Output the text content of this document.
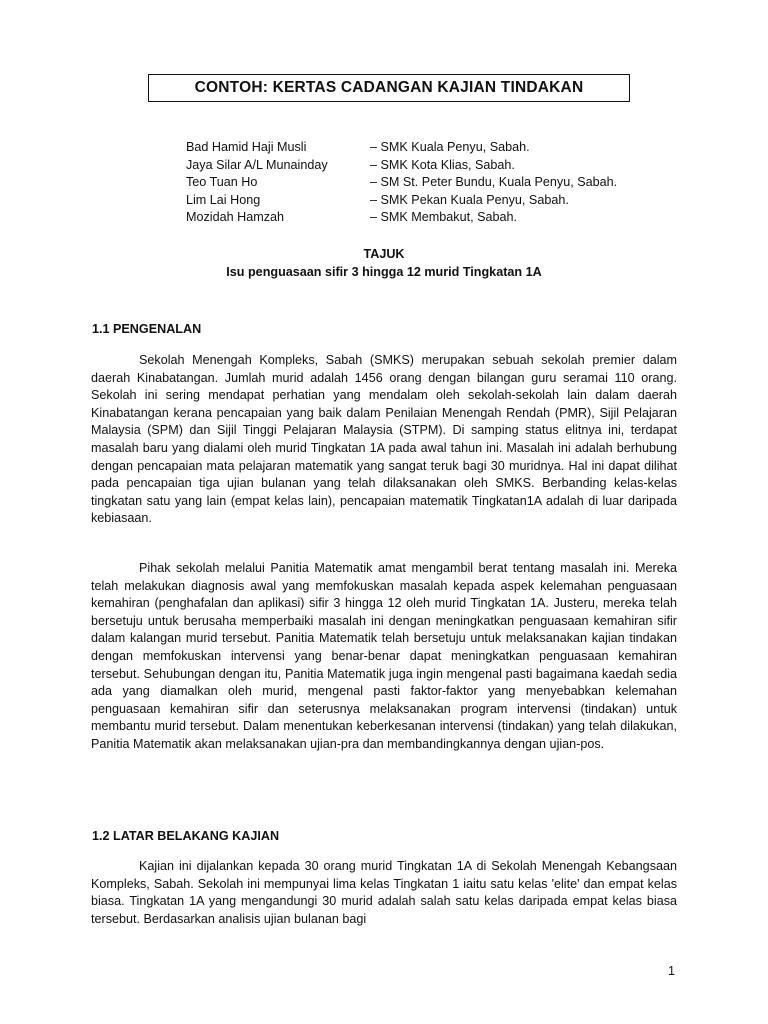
CONTOH: KERTAS CADANGAN KAJIAN TINDAKAN
Bad Hamid Haji Musli	– SMK Kuala Penyu, Sabah.
Jaya Silar A/L Munainday	– SMK Kota Klias, Sabah.
Teo Tuan Ho	– SM St. Peter Bundu, Kuala Penyu, Sabah.
Lim Lai Hong	– SMK Pekan Kuala Penyu, Sabah.
Mozidah Hamzah	– SMK Membakut, Sabah.
TAJUK
Isu penguasaan sifir 3 hingga 12 murid Tingkatan 1A
1.1 PENGENALAN

Sekolah Menengah Kompleks, Sabah (SMKS) merupakan sebuah sekolah premier dalam daerah Kinabatangan. Jumlah murid adalah 1456 orang dengan bilangan guru seramai 110 orang. Sekolah ini sering mendapat perhatian yang mendalam oleh sekolah-sekolah lain dalam daerah Kinabatangan kerana pencapaian yang baik dalam Penilaian Menengah Rendah (PMR), Sijil Pelajaran Malaysia (SPM) dan Sijil Tinggi Pelajaran Malaysia (STPM). Di samping status elitnya ini, terdapat masalah baru yang dialami oleh murid Tingkatan 1A pada awal tahun ini. Masalah ini adalah berhubung dengan pencapaian mata pelajaran matematik yang sangat teruk bagi 30 muridnya. Hal ini dapat dilihat pada pencapaian tiga ujian bulanan yang telah dilaksanakan oleh SMKS. Berbanding kelas-kelas tingkatan satu yang lain (empat kelas lain), pencapaian matematik Tingkatan1A adalah di luar daripada kebiasaan.

Pihak sekolah melalui Panitia Matematik amat mengambil berat tentang masalah ini. Mereka telah melakukan diagnosis awal yang memfokuskan masalah kepada aspek kelemahan penguasaan kemahiran (penghafalan dan aplikasi) sifir 3 hingga 12 oleh murid Tingkatan 1A. Justeru, mereka telah bersetuju untuk berusaha memperbaiki masalah ini dengan meningkatkan penguasaan kemahiran sifir dalam kalangan murid tersebut. Panitia Matematik telah bersetuju untuk melaksanakan kajian tindakan dengan memfokuskan intervensi yang benar-benar dapat meningkatkan penguasaan kemahiran tersebut. Sehubungan dengan itu, Panitia Matematik juga ingin mengenal pasti bagaimana kaedah sedia ada yang diamalkan oleh murid, mengenal pasti faktor-faktor yang menyebabkan kelemahan penguasaan kemahiran sifir dan seterusnya melaksanakan program intervensi (tindakan) untuk membantu murid tersebut. Dalam menentukan keberkesanan intervensi (tindakan) yang telah dilakukan, Panitia Matematik akan melaksanakan ujian-pra dan membandingkannya dengan ujian-pos.

1.2 LATAR BELAKANG KAJIAN

Kajian ini dijalankan kepada 30 orang murid Tingkatan 1A di Sekolah Menengah Kebangsaan Kompleks, Sabah. Sekolah ini mempunyai lima kelas Tingkatan 1 iaitu satu kelas 'elite' dan empat kelas biasa. Tingkatan 1A yang mengandungi 30 murid adalah salah satu kelas daripada empat kelas biasa tersebut. Berdasarkan analisis ujian bulanan bagi

1
